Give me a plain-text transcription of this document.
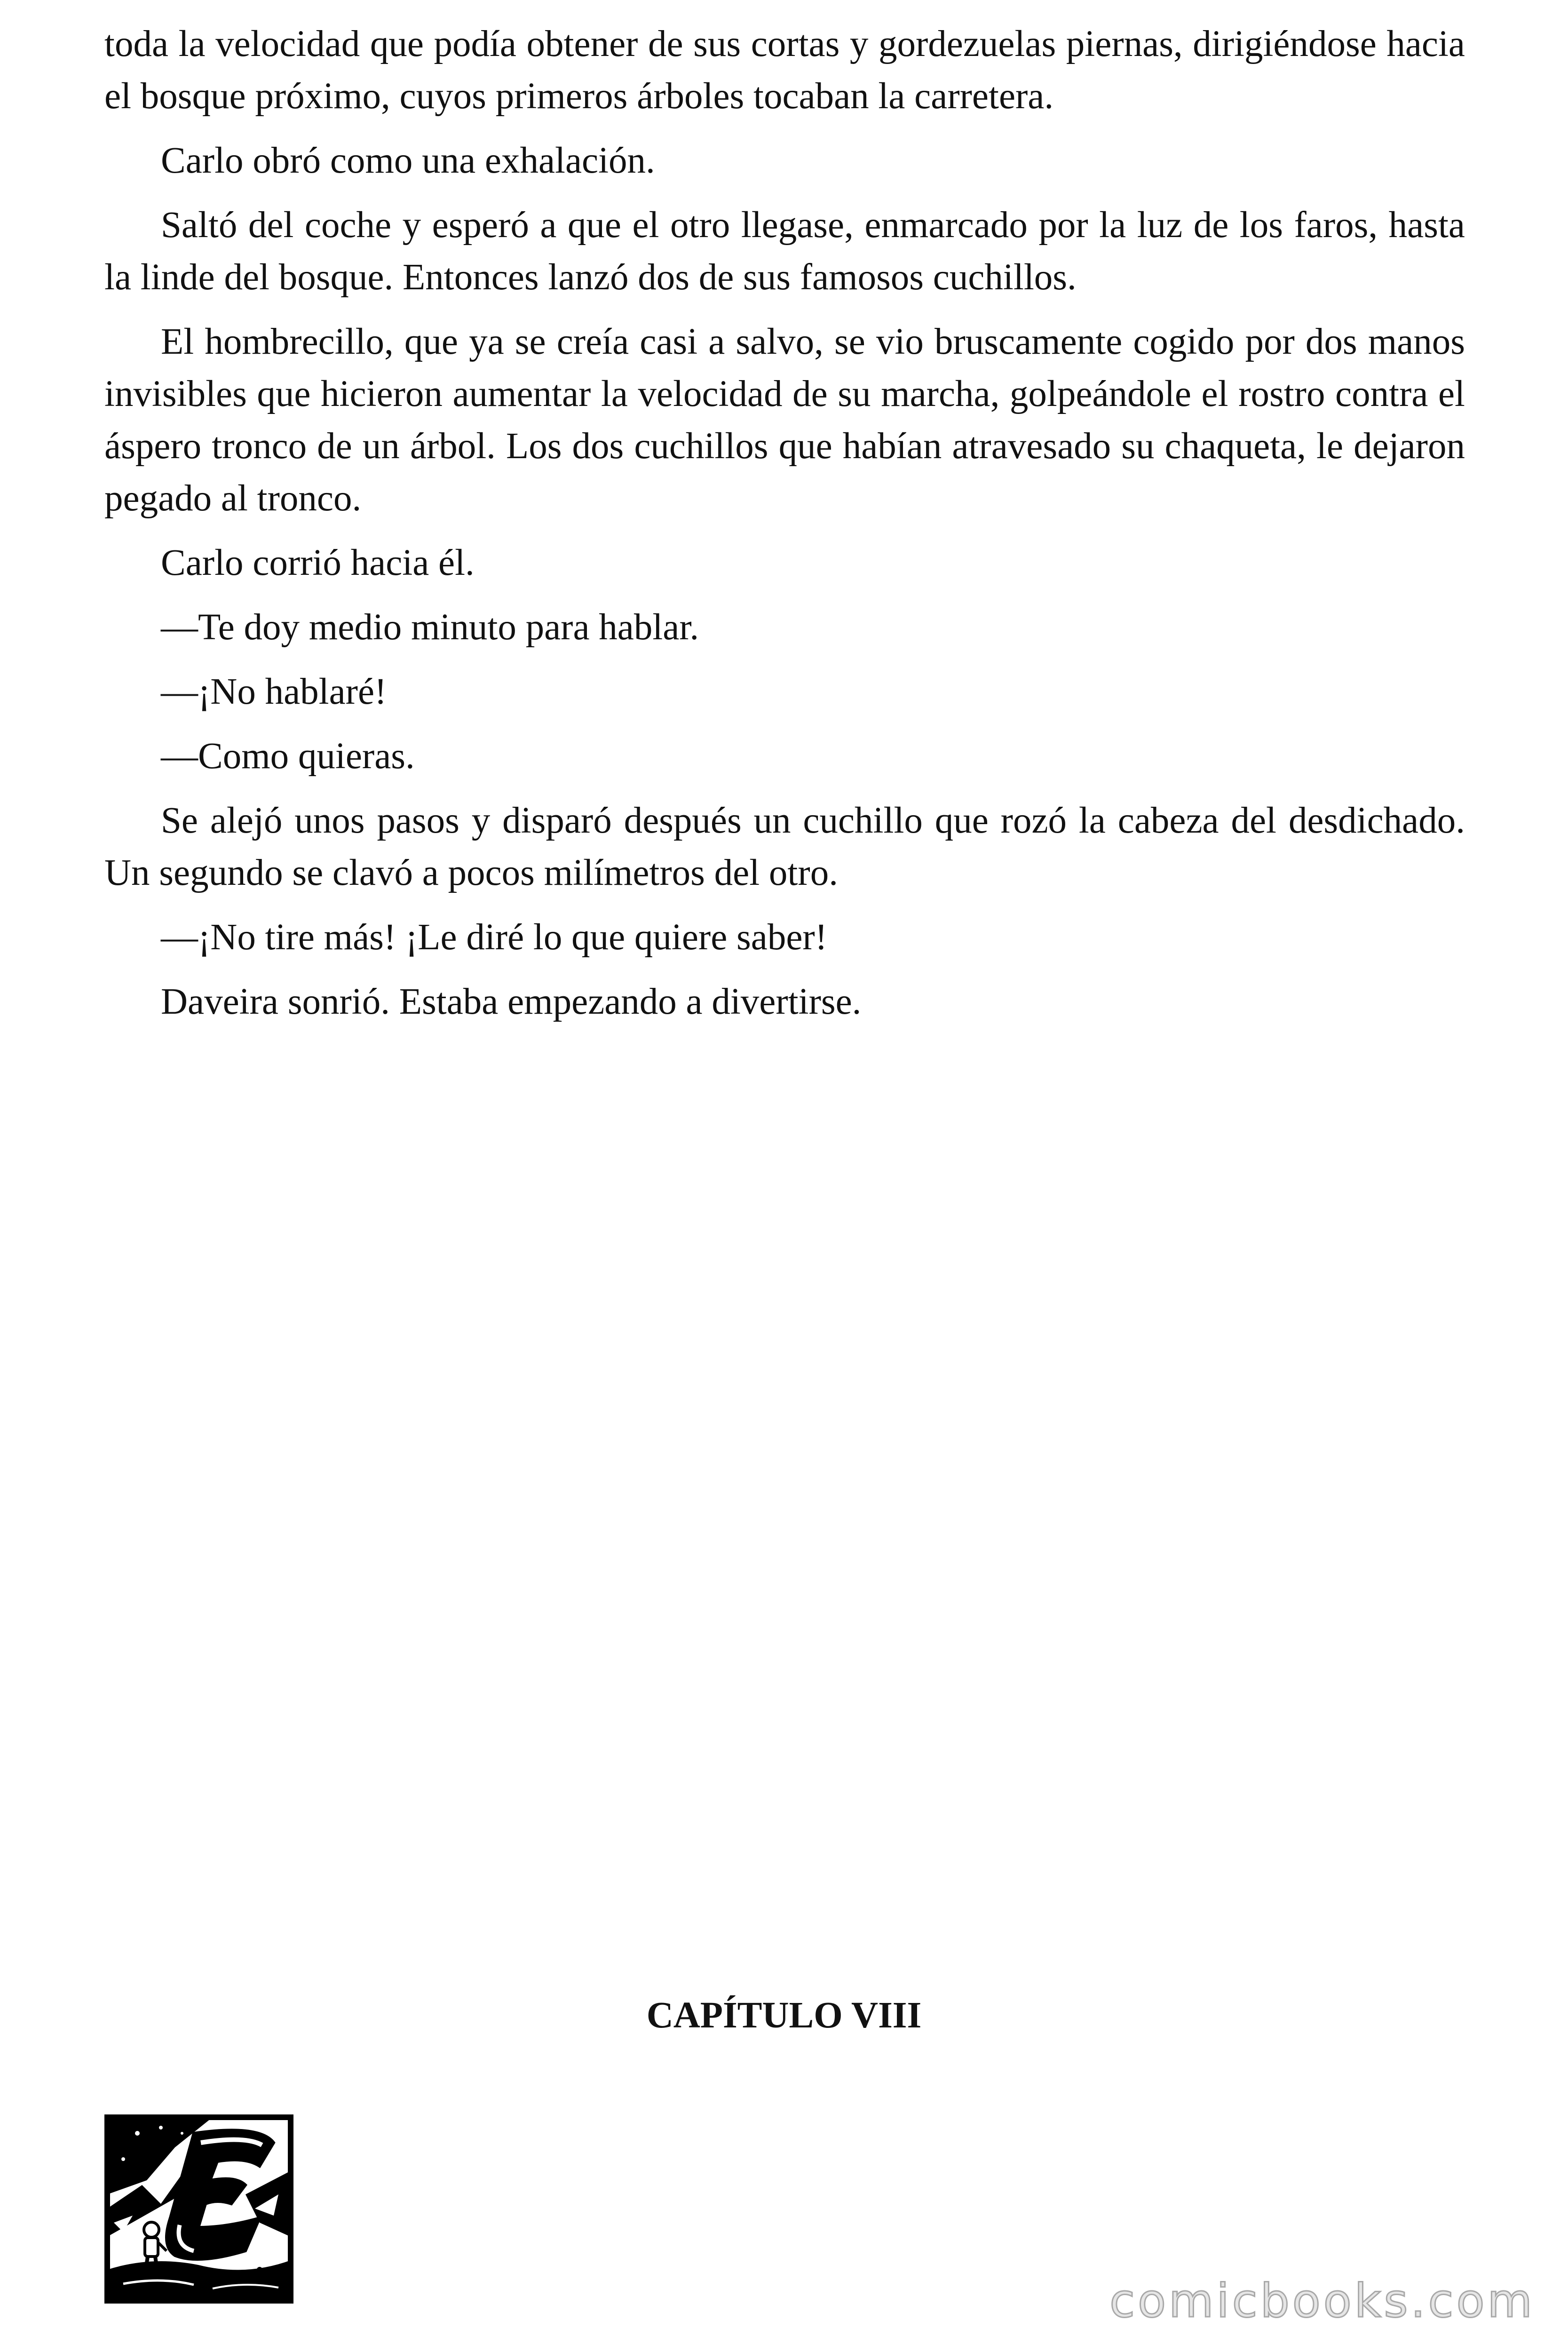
toda la velocidad que podía obtener de sus cortas y gordezuelas piernas, dirigiéndose hacia el bosque próximo, cuyos primeros árboles tocaban la carretera.

Carlo obró como una exhalación.

Saltó del coche y esperó a que el otro llegase, enmarcado por la luz de los faros, hasta la linde del bosque. Entonces lanzó dos de sus famosos cuchillos.

El hombrecillo, que ya se creía casi a salvo, se vio bruscamente cogido por dos manos invisibles que hicieron aumentar la velocidad de su marcha, golpeándole el rostro contra el áspero tronco de un árbol. Los dos cuchillos que habían atravesado su chaqueta, le dejaron pegado al tronco.

Carlo corrió hacia él.

—Te doy medio minuto para hablar.

—¡No hablaré!

—Como quieras.

Se alejó unos pasos y disparó después un cuchillo que rozó la cabeza del desdichado. Un segundo se clavó a pocos milímetros del otro.

—¡No tire más! ¡Le diré lo que quiere saber!

Daveira sonrió. Estaba empezando a divertirse.

CAPÍTULO VIII

comicbooks.com
